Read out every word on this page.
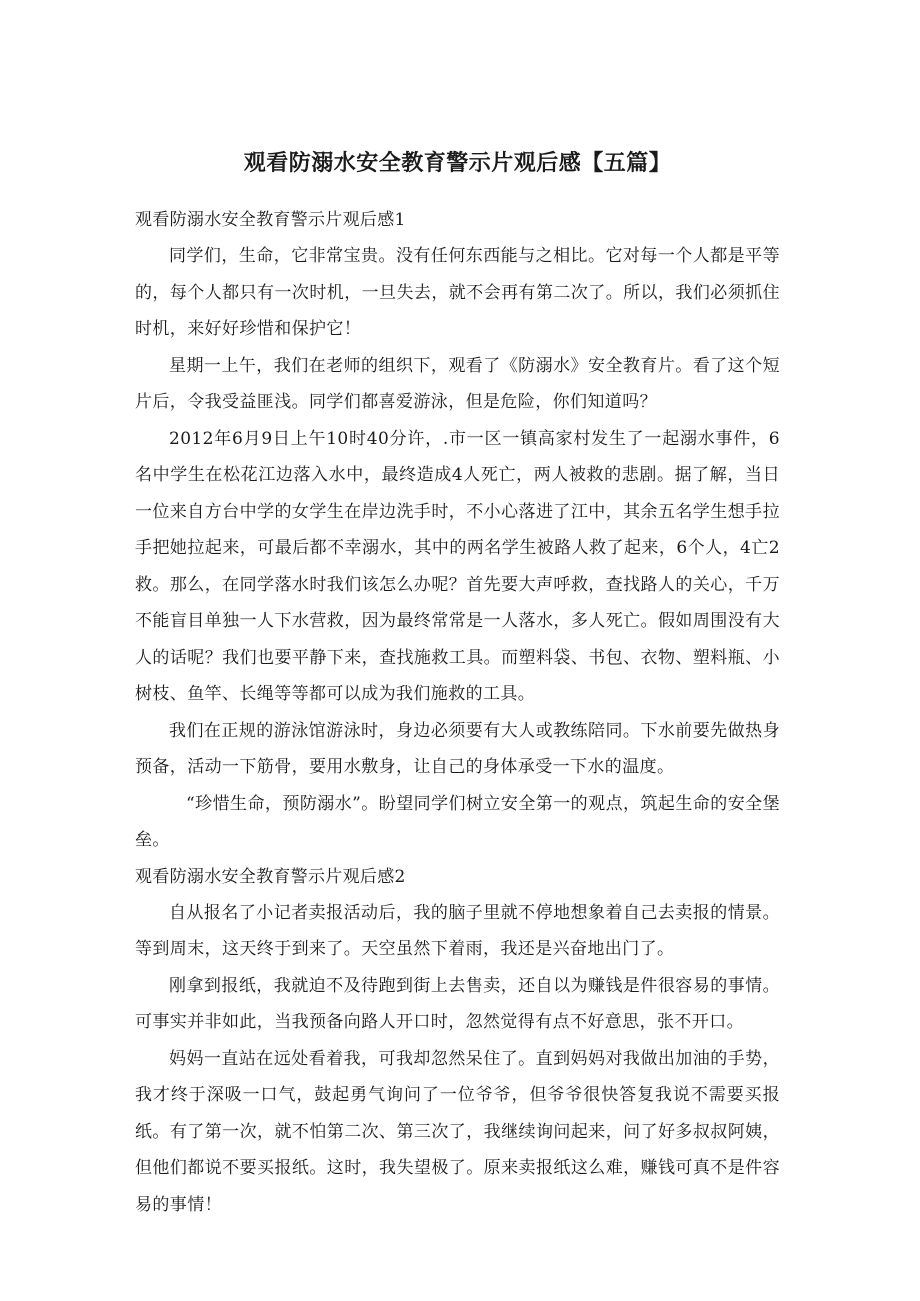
观看防溺水安全教育警示片观后感【五篇】

观看防溺水安全教育警示片观后感1

同学们，生命，它非常宝贵。没有任何东西能与之相比。它对每一个人都是平等的，每个人都只有一次时机，一旦失去，就不会再有第二次了。所以，我们必须抓住时机，来好好珍惜和保护它！

星期一上午，我们在老师的组织下，观看了《防溺水》安全教育片。看了这个短片后，令我受益匪浅。同学们都喜爱游泳，但是危险，你们知道吗？

2012年6月9日上午10时40分许，.市一区一镇高家村发生了一起溺水事件，6名中学生在松花江边落入水中，最终造成4人死亡，两人被救的悲剧。据了解，当日一位来自方台中学的女学生在岸边洗手时，不小心落进了江中，其余五名学生想手拉手把她拉起来，可最后都不幸溺水，其中的两名学生被路人救了起来，6个人，4亡2救。那么，在同学落水时我们该怎么办呢？首先要大声呼救，查找路人的关心，千万不能盲目单独一人下水营救，因为最终常常是一人落水，多人死亡。假如周围没有大人的话呢？我们也要平静下来，查找施救工具。而塑料袋、书包、衣物、塑料瓶、小树枝、鱼竿、长绳等等都可以成为我们施救的工具。

我们在正规的游泳馆游泳时，身边必须要有大人或教练陪同。下水前要先做热身预备，活动一下筋骨，要用水敷身，让自己的身体承受一下水的温度。

“珍惜生命，预防溺水”。盼望同学们树立安全第一的观点，筑起生命的安全堡垒。

观看防溺水安全教育警示片观后感2

自从报名了小记者卖报活动后，我的脑子里就不停地想象着自己去卖报的情景。等到周末，这天终于到来了。天空虽然下着雨，我还是兴奋地出门了。

刚拿到报纸，我就迫不及待跑到街上去售卖，还自以为赚钱是件很容易的事情。可事实并非如此，当我预备向路人开口时，忽然觉得有点不好意思，张不开口。

妈妈一直站在远处看着我，可我却忽然呆住了。直到妈妈对我做出加油的手势，我才终于深吸一口气，鼓起勇气询问了一位爷爷，但爷爷很快答复我说不需要买报纸。有了第一次，就不怕第二次、第三次了，我继续询问起来，问了好多叔叔阿姨，但他们都说不要买报纸。这时，我失望极了。原来卖报纸这么难，赚钱可真不是件容易的事情！
